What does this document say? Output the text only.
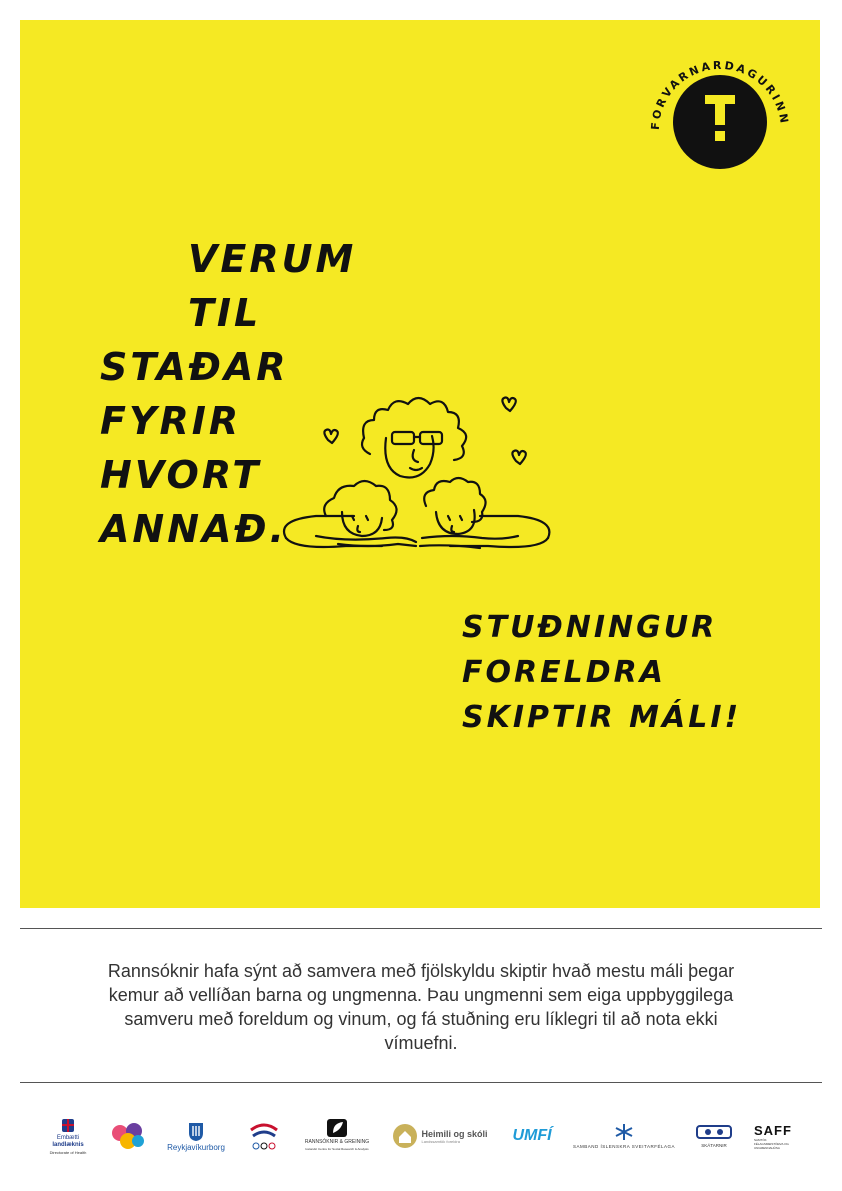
FORVARNARDAGURINN
VERUM TIL
STAÐAR FYRIR
HVORT ANNAÐ.
STUÐNINGUR
FORELDRA
SKIPTIR MÁLI!
Rannsóknir hafa sýnt að samvera með fjölskyldu skiptir hvað mestu máli þegar kemur að vellíðan barna og ungmenna. Þau ungmenni sem eiga uppbyggilega samveru með foreldum og vinum, og fá stuðning eru líklegri til að nota ekki vímuefni.
Embætti
landlæknis
Directorate of Health
Reykjavíkurborg
RANNSÓKNIR & GREINING
Icelandic Centre for Social Research & Analysis
Heimili og skóli
Landssamtök foreldra	UMFÍ
SAMBAND ÍSLENSKRA SVEITARFÉLAGA	SKÁTARNIR
SAFF
SAMTÖK FÉLAGSMIÐSTÖÐVA OG UNGMENNAHÚSA
